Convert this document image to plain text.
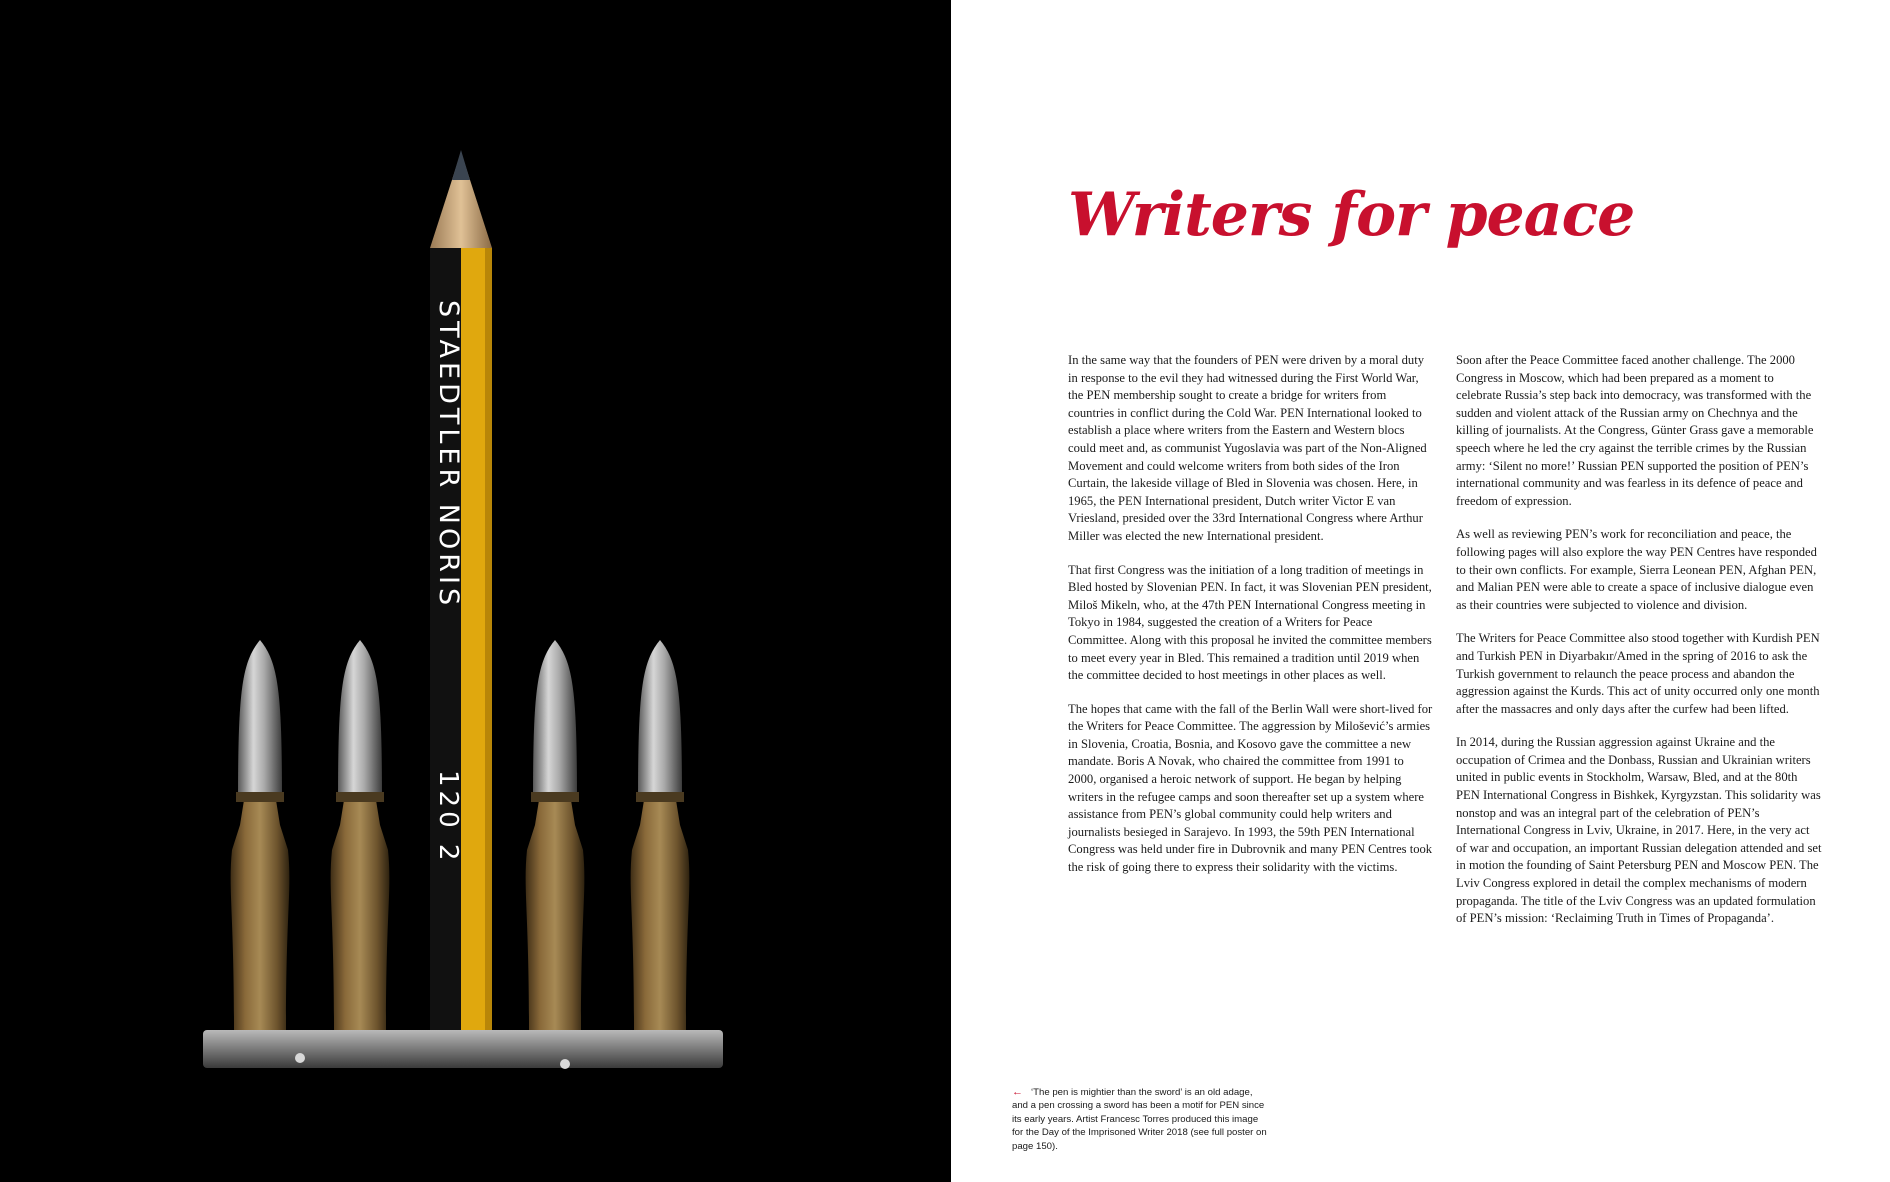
STAEDTLER NORIS
120 2
Writers for peace

In the same way that the founders of PEN were driven by a moral duty in response to the evil they had witnessed during the First World War, the PEN membership sought to create a bridge for writers from countries in conflict during the Cold War. PEN International looked to establish a place where writers from the Eastern and Western blocs could meet and, as communist Yugoslavia was part of the Non-Aligned Movement and could welcome writers from both sides of the Iron Curtain, the lakeside village of Bled in Slovenia was chosen. Here, in 1965, the PEN International president, Dutch writer Victor E van Vriesland, presided over the 33rd International Congress where Arthur Miller was elected the new International president.

That first Congress was the initiation of a long tradition of meetings in Bled hosted by Slovenian PEN. In fact, it was Slovenian PEN president, Miloš Mikeln, who, at the 47th PEN International Congress meeting in Tokyo in 1984, suggested the creation of a Writers for Peace Committee. Along with this proposal he invited the committee members to meet every year in Bled. This remained a tradition until 2019 when the committee decided to host meetings in other places as well.

The hopes that came with the fall of the Berlin Wall were short-lived for the Writers for Peace Committee. The aggression by Milošević’s armies in Slovenia, Croatia, Bosnia, and Kosovo gave the committee a new mandate. Boris A Novak, who chaired the committee from 1991 to 2000, organised a heroic network of support. He began by helping writers in the refugee camps and soon thereafter set up a system where assistance from PEN’s global community could help writers and journalists besieged in Sarajevo. In 1993, the 59th PEN International Congress was held under fire in Dubrovnik and many PEN Centres took the risk of going there to express their solidarity with the victims.

Soon after the Peace Committee faced another challenge. The 2000 Congress in Moscow, which had been prepared as a moment to celebrate Russia’s step back into democracy, was transformed with the sudden and violent attack of the Russian army on Chechnya and the killing of journalists. At the Congress, Günter Grass gave a memorable speech where he led the cry against the terrible crimes by the Russian army: ‘Silent no more!’ Russian PEN supported the position of PEN’s international community and was fearless in its defence of peace and freedom of expression.

As well as reviewing PEN’s work for reconciliation and peace, the following pages will also explore the way PEN Centres have responded to their own conflicts. For example, Sierra Leonean PEN, Afghan PEN, and Malian PEN were able to create a space of inclusive dialogue even as their countries were subjected to violence and division.

The Writers for Peace Committee also stood together with Kurdish PEN and Turkish PEN in Diyarbakır/Amed in the spring of 2016 to ask the Turkish government to relaunch the peace process and abandon the aggression against the Kurds. This act of unity occurred only one month after the massacres and only days after the curfew had been lifted.

In 2014, during the Russian aggression against Ukraine and the occupation of Crimea and the Donbass, Russian and Ukrainian writers united in public events in Stockholm, Warsaw, Bled, and at the 80th PEN International Congress in Bishkek, Kyrgyzstan. This solidarity was nonstop and was an integral part of the celebration of PEN’s International Congress in Lviv, Ukraine, in 2017. Here, in the very act of war and occupation, an important Russian delegation attended and set in motion the founding of Saint Petersburg PEN and Moscow PEN. The Lviv Congress explored in detail the complex mechanisms of modern propaganda. The title of the Lviv Congress was an updated formulation of PEN’s mission: ‘Reclaiming Truth in Times of Propaganda’.

← ‘The pen is mightier than the sword’ is an old adage, and a pen crossing a sword has been a motif for PEN since its early years. Artist Francesc Torres produced this image for the Day of the Imprisoned Writer 2018 (see full poster on page 150).
